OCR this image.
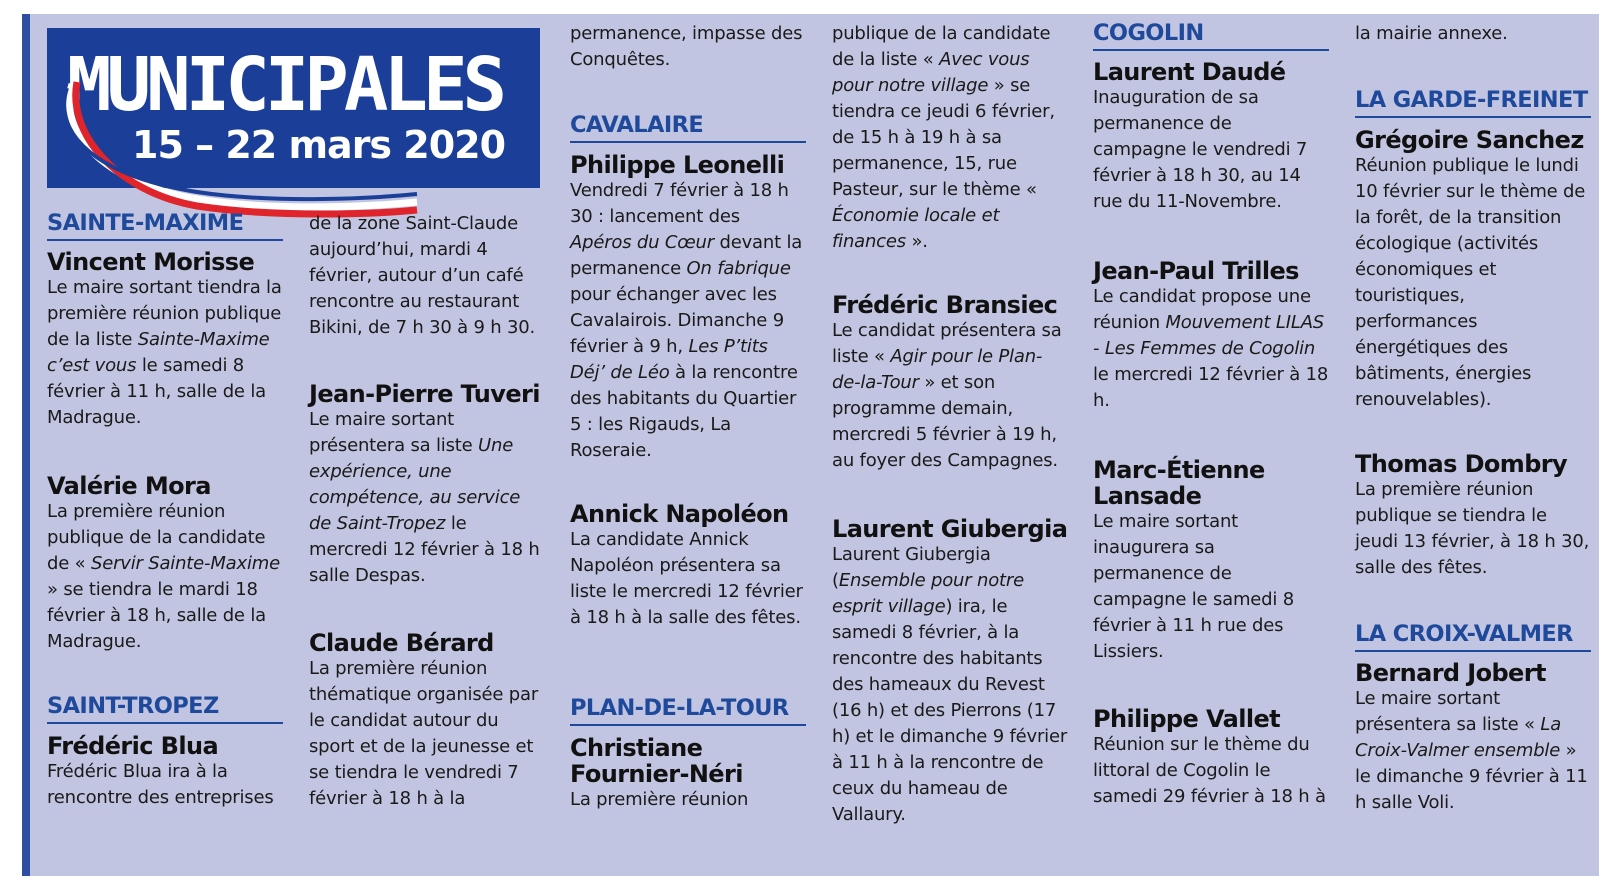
MUNICIPALES
15 – 22 mars 2020
SAINTE-MAXIME
Vincent Morisse

Le maire sortant tiendra la première réunion publique de la liste Sainte-Maxime c’est vous le samedi 8 février à 11 h, salle de la Madrague.

Valérie Mora

La première réunion publique de la candidate de « Servir Sainte-Maxime » se tiendra le mardi 18 février à 18 h, salle de la Madrague.

SAINT-TROPEZ
Frédéric Blua

Frédéric Blua ira à la rencontre des entreprises

de la zone Saint-Claude aujourd’hui, mardi 4 février, autour d’un café rencontre au restaurant Bikini, de 7 h 30 à 9 h 30.

Jean-Pierre Tuveri

Le maire sortant présentera sa liste Une expérience, une compétence, au service de Saint-Tropez le mercredi 12 février à 18 h salle Despas.

Claude Bérard

La première réunion thématique organisée par le candidat autour du sport et de la jeunesse et se tiendra le vendredi 7 février à 18 h à la

permanence, impasse des Conquêtes.

CAVALAIRE
Philippe Leonelli

Vendredi 7 février à 18 h 30 : lancement des Apéros du Cœur devant la permanence On fabrique pour échanger avec les Cavalairois. Dimanche 9 février à 9 h, Les P’tits Déj’ de Léo à la rencontre des habitants du Quartier 5 : les Rigauds, La Roseraie.

Annick Napoléon

La candidate Annick Napoléon présentera sa liste le mercredi 12 février à 18 h à la salle des fêtes.

PLAN-DE-LA-TOUR
Christiane Fournier-Néri

La première réunion

publique de la candidate de la liste « Avec vous pour notre village » se tiendra ce jeudi 6 février, de 15 h à 19 h à sa permanence, 15, rue Pasteur, sur le thème « Économie locale et finances ».

Frédéric Bransiec

Le candidat présentera sa liste « Agir pour le Plan-de-la-Tour » et son programme demain, mercredi 5 février à 19 h, au foyer des Campagnes.

Laurent Giubergia

Laurent Giubergia (Ensemble pour notre esprit village) ira, le samedi 8 février, à la rencontre des habitants des hameaux du Revest (16 h) et des Pierrons (17 h) et le dimanche 9 février à 11 h à la rencontre de ceux du hameau de Vallaury.

COGOLIN
Laurent Daudé

Inauguration de sa permanence de campagne le vendredi 7 février à 18 h 30, au 14 rue du 11-Novembre.

Jean-Paul Trilles

Le candidat propose une réunion Mouvement LILAS - Les Femmes de Cogolin le mercredi 12 février à 18 h.

Marc-Étienne Lansade

Le maire sortant inaugurera sa permanence de campagne le samedi 8 février à 11 h rue des Lissiers.

Philippe Vallet

Réunion sur le thème du littoral de Cogolin le samedi 29 février à 18 h à

la mairie annexe.

LA GARDE-FREINET
Grégoire Sanchez

Réunion publique le lundi 10 février sur le thème de la forêt, de la transition écologique (activités économiques et touristiques, performances énergétiques des bâtiments, énergies renouvelables).

Thomas Dombry

La première réunion publique se tiendra le jeudi 13 février, à 18 h 30, salle des fêtes.

LA CROIX-VALMER
Bernard Jobert

Le maire sortant présentera sa liste « La Croix-Valmer ensemble » le dimanche 9 février à 11 h salle Voli.
